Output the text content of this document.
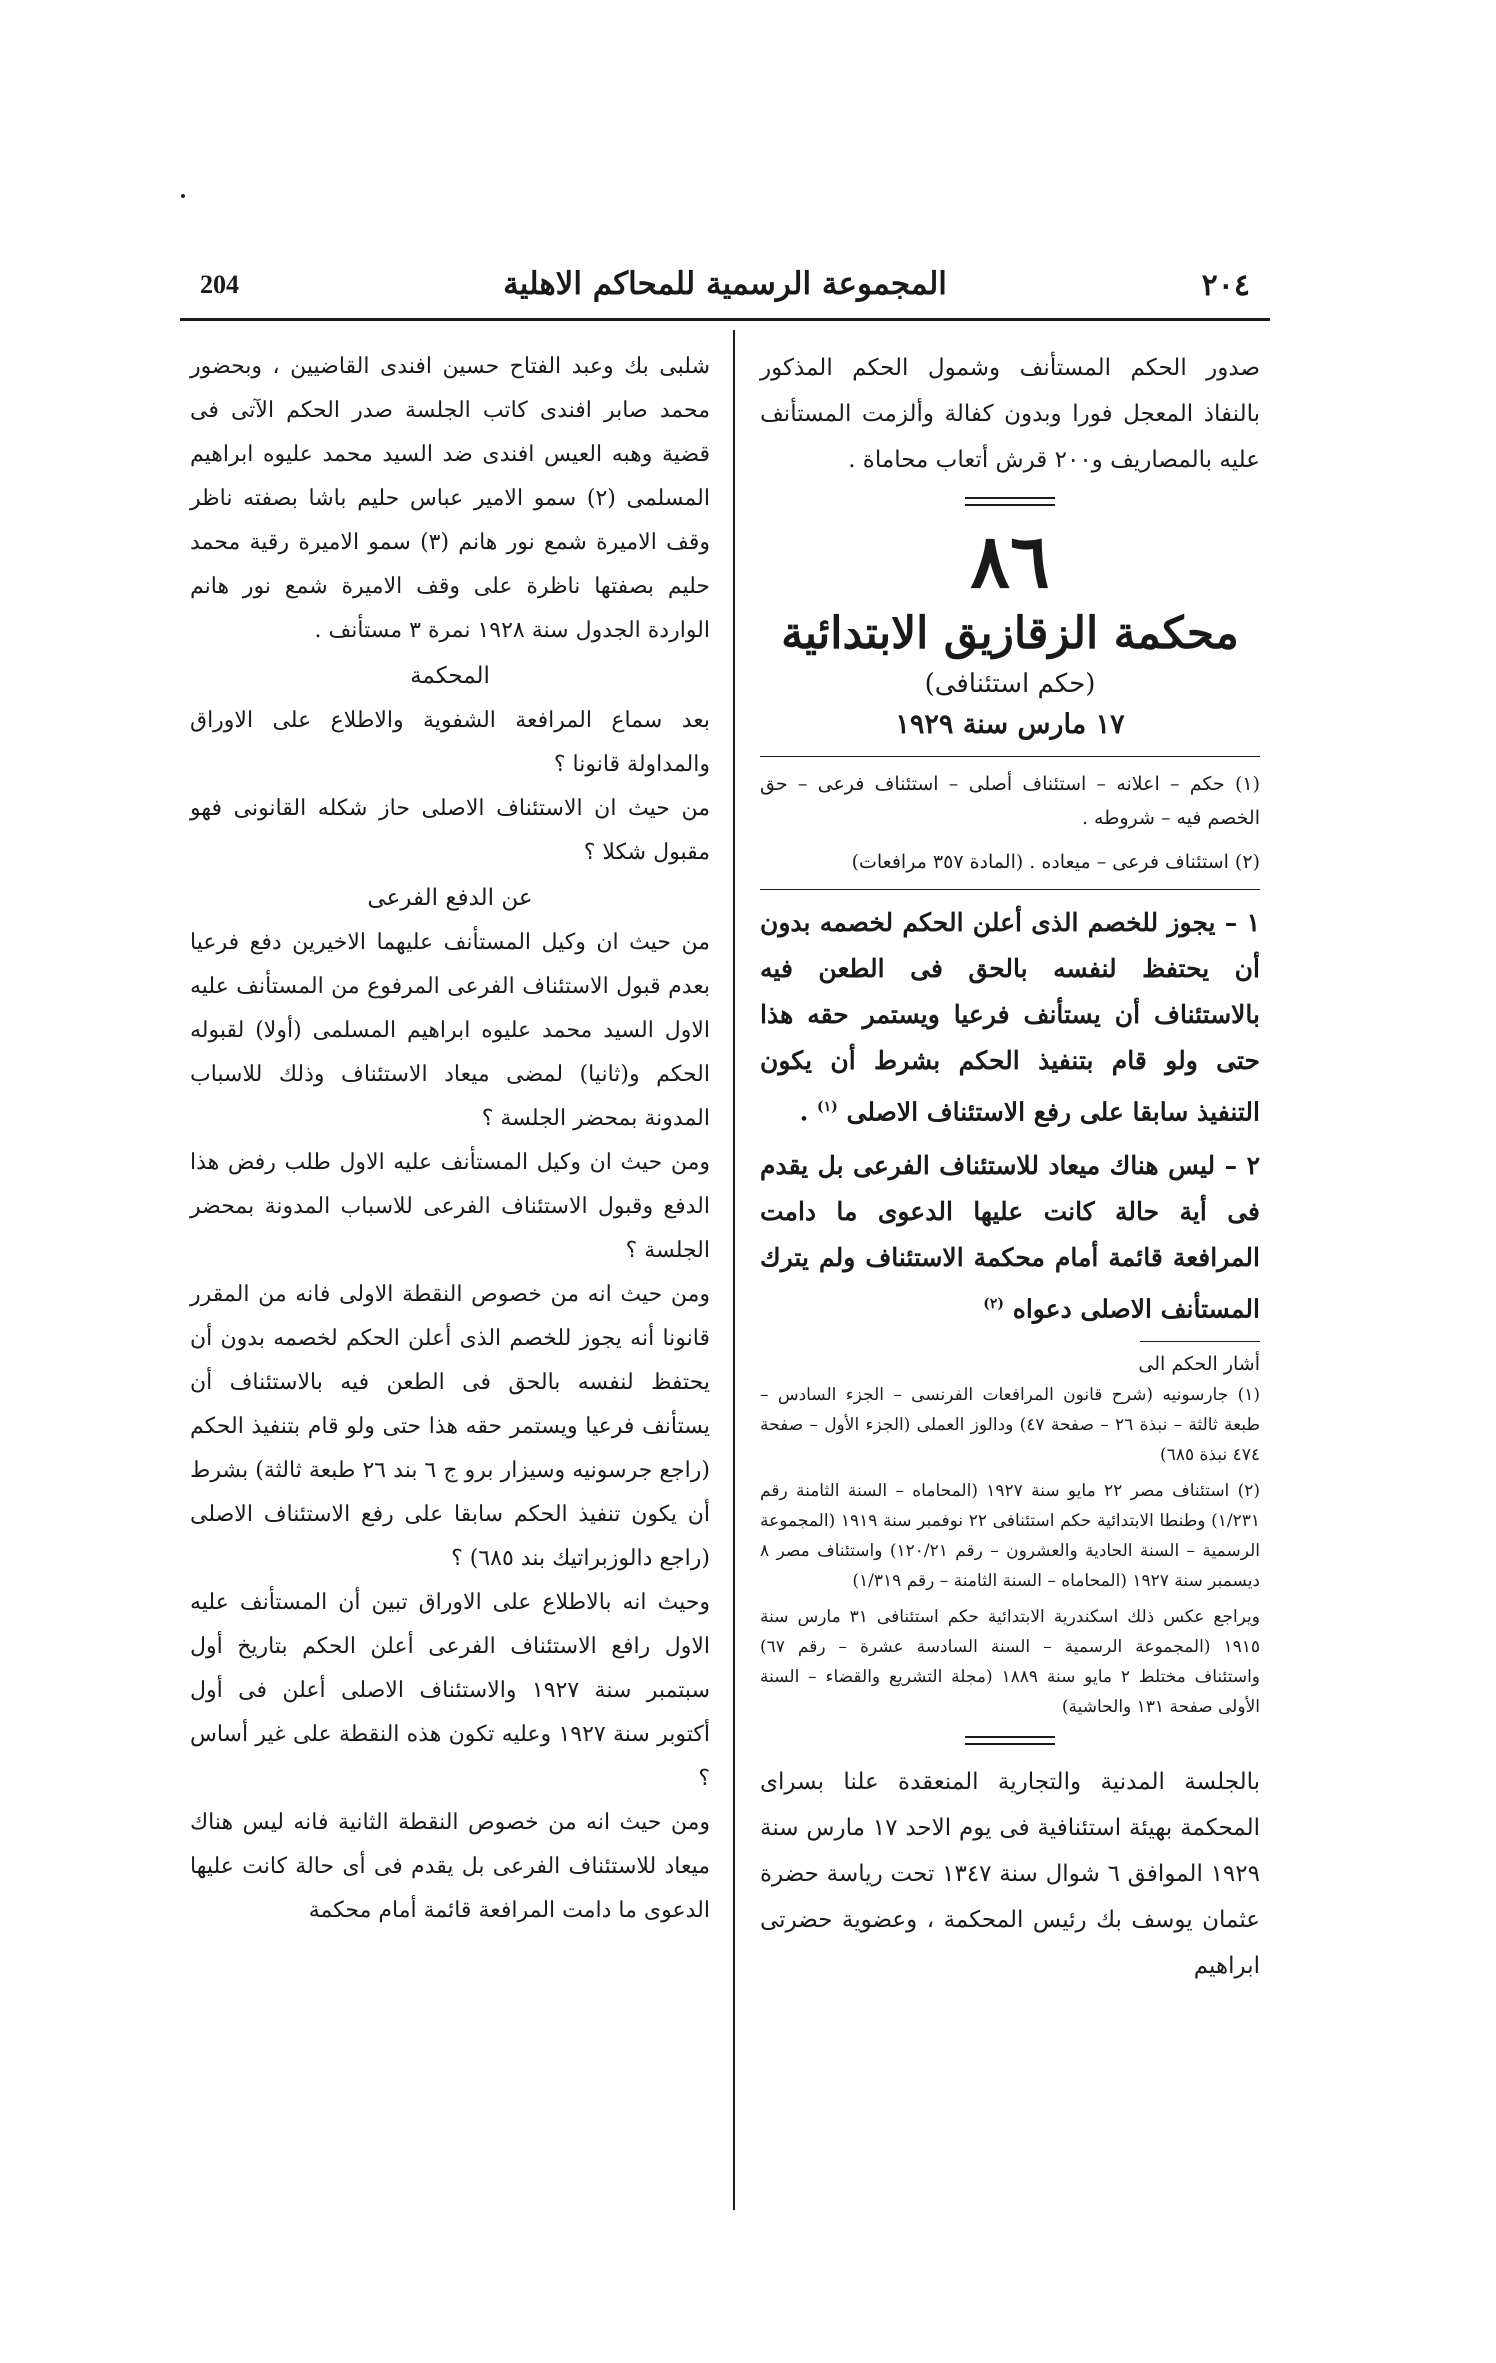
204	المجموعة الرسمية للمحاكم الاهلية	٢٠٤

صدور الحكم المستأنف وشمول الحكم المذكور بالنفاذ المعجل فورا وبدون كفالة وألزمت المستأنف عليه بالمصاريف و٢٠٠ قرش أتعاب محاماة .

٨٦
محكمة الزقازيق الابتدائية
(حكم استئنافى)
١٧ مارس سنة ١٩٢٩

(١) حكم – اعلانه – استئناف أصلى – استئناف فرعى – حق الخصم فيه – شروطه .

(٢) استئناف فرعى – ميعاده . (المادة ٣٥٧ مرافعات)

١ – يجوز للخصم الذى أعلن الحكم لخصمه بدون أن يحتفظ لنفسه بالحق فى الطعن فيه بالاستئناف أن يستأنف فرعيا ويستمر حقه هذا حتى ولو قام بتنفيذ الحكم بشرط أن يكون التنفيذ سابقا على رفع الاستئناف الاصلى $^{(١)}$ .

٢ – ليس هناك ميعاد للاستئناف الفرعى بل يقدم فى أية حالة كانت عليها الدعوى ما دامت المرافعة قائمة أمام محكمة الاستئناف ولم يترك المستأنف الاصلى دعواه $^{(٢)}$

أشار الحكم الى

(١) جارسونيه (شرح قانون المرافعات الفرنسى – الجزء السادس – طبعة ثالثة – نبذة ٢٦ – صفحة ٤٧) ودالوز العملى (الجزء الأول – صفحة ٤٧٤ نبذة ٦٨٥)

(٢) استئناف مصر ٢٢ مايو سنة ١٩٢٧ (المحاماه – السنة الثامنة رقم ١/٢٣١) وطنطا الابتدائية حكم استئنافى ٢٢ نوفمبر سنة ١٩١٩ (المجموعة الرسمية – السنة الحادية والعشرون – رقم ١٢٠/٢١) واستئناف مصر ٨ ديسمبر سنة ١٩٢٧ (المحاماه – السنة الثامنة – رقم ١/٣١٩)

ويراجع عكس ذلك اسكندرية الابتدائية حكم استئنافى ٣١ مارس سنة ١٩١٥ (المجموعة الرسمية – السنة السادسة عشرة – رقم ٦٧) واستئناف مختلط ٢ مايو سنة ١٨٨٩ (مجلة التشريع والقضاء – السنة الأولى صفحة ١٣١ والحاشية)

بالجلسة المدنية والتجارية المنعقدة علنا بسراى المحكمة بهيئة استئنافية فى يوم الاحد ١٧ مارس سنة ١٩٢٩ الموافق ٦ شوال سنة ١٣٤٧ تحت رياسة حضرة عثمان يوسف بك رئيس المحكمة ، وعضوية حضرتى ابراهيم

شلبى بك وعبد الفتاح حسين افندى القاضيين ، وبحضور محمد صابر افندى كاتب الجلسة صدر الحكم الآتى فى قضية وهبه العيس افندى ضد السيد محمد عليوه ابراهيم المسلمى (٢) سمو الامير عباس حليم باشا بصفته ناظر وقف الاميرة شمع نور هانم (٣) سمو الاميرة رقية محمد حليم بصفتها ناظرة على وقف الاميرة شمع نور هانم الواردة الجدول سنة ١٩٢٨ نمرة ٣ مستأنف .

المحكمة

بعد سماع المرافعة الشفوية والاطلاع على الاوراق والمداولة قانونا ؟

من حيث ان الاستئناف الاصلى حاز شكله القانونى فهو مقبول شكلا ؟

عن الدفع الفرعى

من حيث ان وكيل المستأنف عليهما الاخيرين دفع فرعيا بعدم قبول الاستئناف الفرعى المرفوع من المستأنف عليه الاول السيد محمد عليوه ابراهيم المسلمى (أولا) لقبوله الحكم و(ثانيا) لمضى ميعاد الاستئناف وذلك للاسباب المدونة بمحضر الجلسة ؟

ومن حيث ان وكيل المستأنف عليه الاول طلب رفض هذا الدفع وقبول الاستئناف الفرعى للاسباب المدونة بمحضر الجلسة ؟

ومن حيث انه من خصوص النقطة الاولى فانه من المقرر قانونا أنه يجوز للخصم الذى أعلن الحكم لخصمه بدون أن يحتفظ لنفسه بالحق فى الطعن فيه بالاستئناف أن يستأنف فرعيا ويستمر حقه هذا حتى ولو قام بتنفيذ الحكم (راجع جرسونيه وسيزار برو ج ٦ بند ٢٦ طبعة ثالثة) بشرط أن يكون تنفيذ الحكم سابقا على رفع الاستئناف الاصلى (راجع دالوزبراتيك بند ٦٨٥) ؟

وحيث انه بالاطلاع على الاوراق تبين أن المستأنف عليه الاول رافع الاستئناف الفرعى أعلن الحكم بتاريخ أول سبتمبر سنة ١٩٢٧ والاستئناف الاصلى أعلن فى أول أكتوبر سنة ١٩٢٧ وعليه تكون هذه النقطة على غير أساس ؟

ومن حيث انه من خصوص النقطة الثانية فانه ليس هناك ميعاد للاستئناف الفرعى بل يقدم فى أى حالة كانت عليها الدعوى ما دامت المرافعة قائمة أمام محكمة
